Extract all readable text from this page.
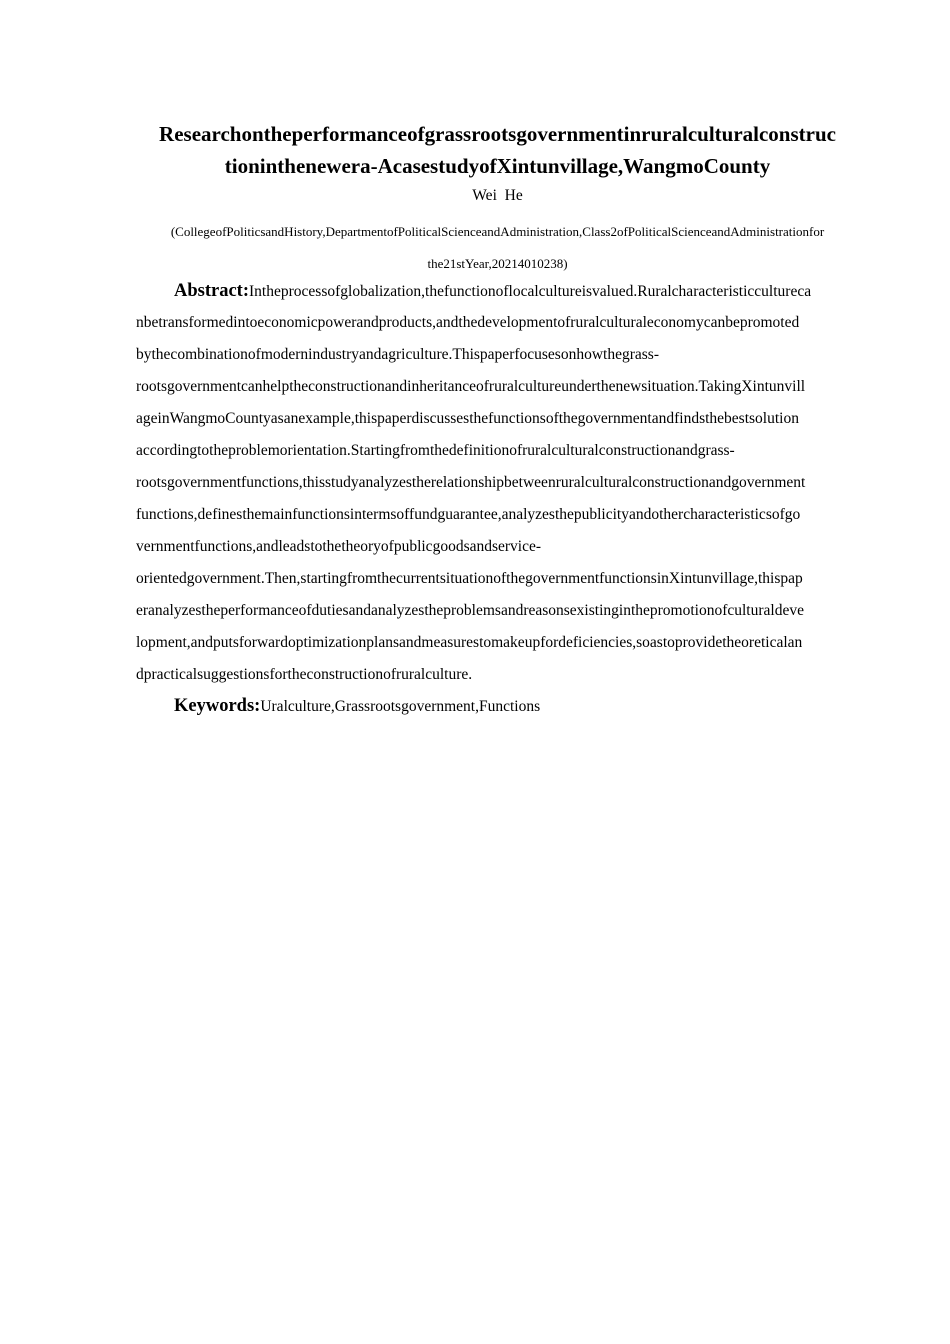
Researchontheperformanceofgrassrootsgovernmentinruralculturalconstruc
tioninthenewera-AcasestudyofXintunvillage,WangmoCounty
Wei  He
(CollegeofPoliticsandHistory,DepartmentofPoliticalScienceandAdministration,Class2ofPoliticalScienceandAdministrationfor
the21stYear,20214010238)
Abstract:Intheprocessofglobalization,thefunctionoflocalcultureisvalued.Ruralcharacteristicculturecа
nbetransformedintoeconomicpowerandproducts,andthedevelopmentofruralculturaleconomycanbepromoted
bythecombinationofmodernindustryandagriculture.Thispaperfocusesonhowthegrass-
rootsgovernmentcanhelptheconstructionandinheritanceofruralcultureunderthenewsituation.TakingXintunvill
ageinWangmoCountyasanexample,thispaperdiscussesthefunctionsofthegovernmentandfindsthebestsolution
accordingtotheproblemorientation.Startingfromthedefinitionofruralculturalconstructionandgrass-
rootsgovernmentfunctions,thisstudyanalyzestherelationshipbetweenruralculturalconstructionandgovernment
functions,definesthemainfunctionsintermsoffundguarantee,analyzesthepublicityandothercharacteristicsofgo
vernmentfunctions,andleadstothetheoryofpublicgoodsandservice-
orientedgovernment.Then,startingfromthecurrentsituationofthegovernmentfunctionsinXintunvillage,thispap
eranalyzestheperformanceofdutiesandanalyzestheproblemsandreasonsexistinginthepromotionofculturaldeve
lopment,andputsforwardoptimizationplansandmeasurestomakeupfordeficiencies,soastoprovidetheoreticalan
dpracticalsuggestionsfortheconstructionofruralculture.
Keywords:Uralculture,Grassrootsgovernment,Functions
